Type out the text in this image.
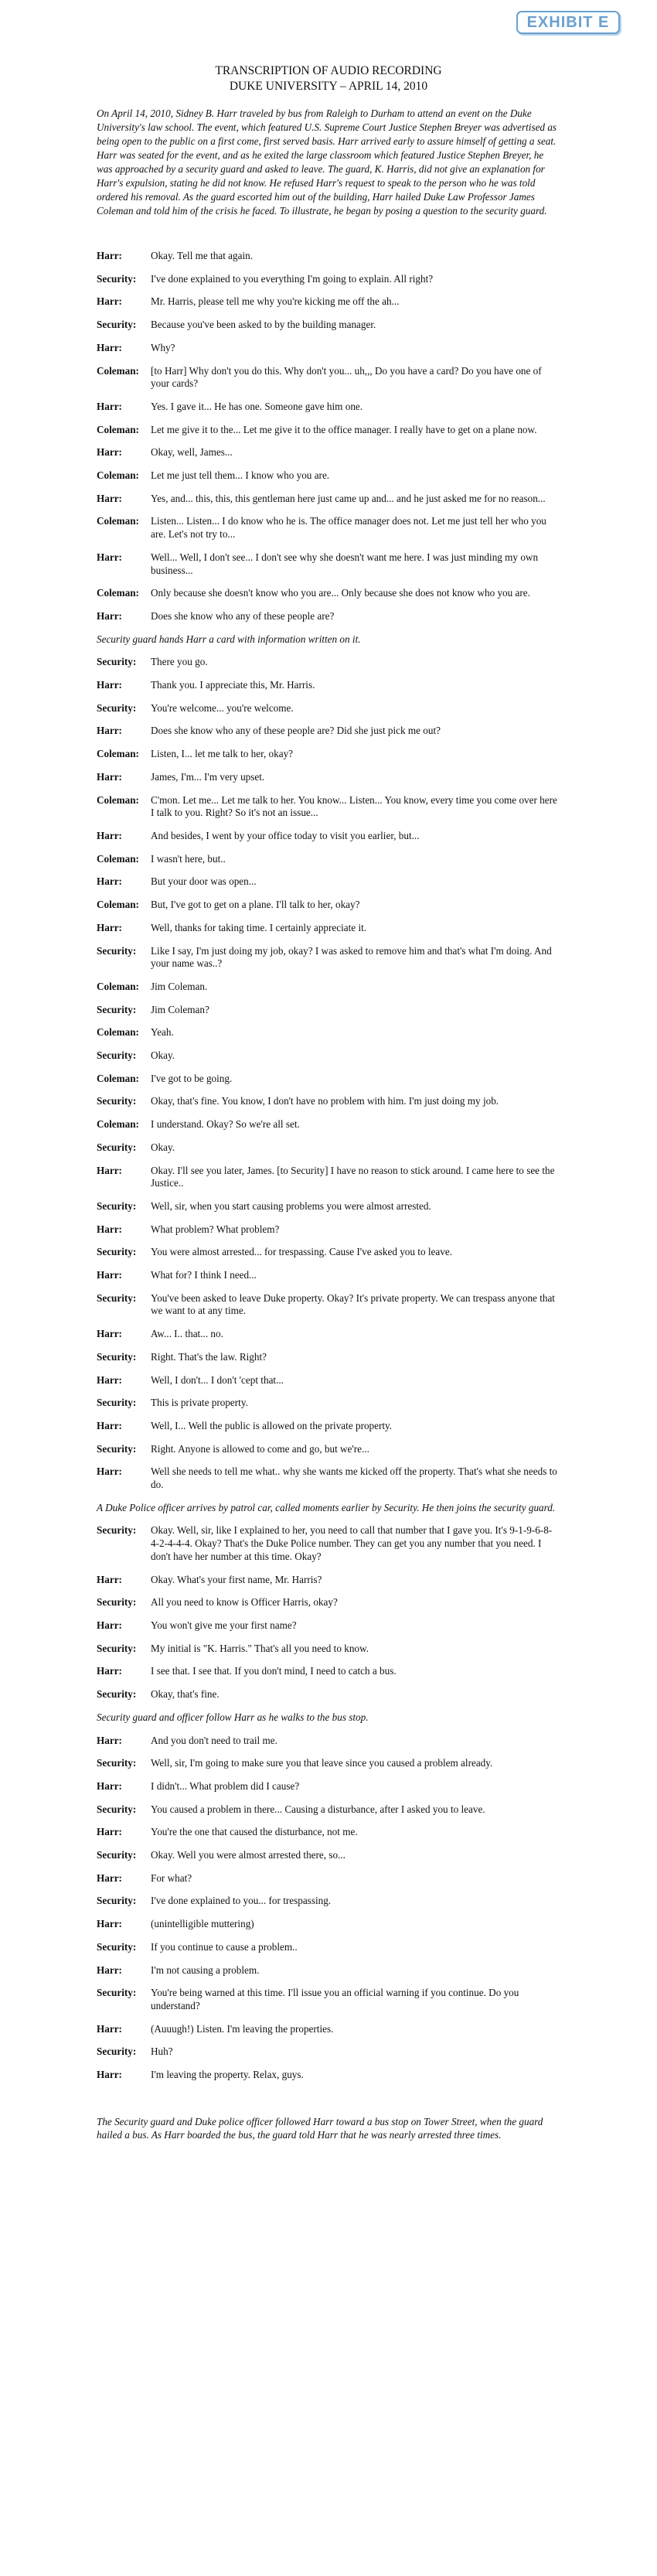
EXHIBIT E
TRANSCRIPTION OF AUDIO RECORDING
DUKE UNIVERSITY – APRIL 14, 2010
On April 14, 2010, Sidney B. Harr traveled by bus from Raleigh to Durham to attend an event on the Duke University's law school. The event, which featured U.S. Supreme Court Justice Stephen Breyer was advertised as being open to the public on a first come, first served basis. Harr arrived early to assure himself of getting a seat. Harr was seated for the event, and as he exited the large classroom which featured Justice Stephen Breyer, he was approached by a security guard and asked to leave. The guard, K. Harris, did not give an explanation for Harr's expulsion, stating he did not know. He refused Harr's request to speak to the person who he was told ordered his removal. As the guard escorted him out of the building, Harr hailed Duke Law Professor James Coleman and told him of the crisis he faced. To illustrate, he began by posing a question to the security guard.
Harr:	Okay. Tell me that again.
Security:	I've done explained to you everything I'm going to explain. All right?
Harr:	Mr. Harris, please tell me why you're kicking me off the ah...
Security:	Because you've been asked to by the building manager.
Harr:	Why?
Coleman:	[to Harr] Why don't you do this. Why don't you... uh,,, Do you have a card? Do you have one of your cards?
Harr:	Yes. I gave it... He has one. Someone gave him one.
Coleman:	Let me give it to the... Let me give it to the office manager. I really have to get on a plane now.
Harr:	Okay, well, James...
Coleman:	Let me just tell them... I know who you are.
Harr:	Yes, and... this, this, this gentleman here just came up and... and he just asked me for no reason...
Coleman:	Listen... Listen... I do know who he is. The office manager does not. Let me just tell her who you are. Let's not try to...
Harr:	Well... Well, I don't see... I don't see why she doesn't want me here. I was just minding my own business...
Coleman:	Only because she doesn't know who you are... Only because she does not know who you are.
Harr:	Does she know who any of these people are?
Security guard hands Harr a card with information written on it.
Security:	There you go.
Harr:	Thank you. I appreciate this, Mr. Harris.
Security:	You're welcome... you're welcome.
Harr:	Does she know who any of these people are? Did she just pick me out?
Coleman:	Listen, I... let me talk to her, okay?
Harr:	James, I'm... I'm very upset.
Coleman:	C'mon. Let me... Let me talk to her. You know... Listen... You know, every time you come over here I talk to you. Right? So it's not an issue...
Harr:	And besides, I went by your office today to visit you earlier, but...
Coleman:	I wasn't here, but..
Harr:	But your door was open...
Coleman:	But, I've got to get on a plane. I'll talk to her, okay?
Harr:	Well, thanks for taking time. I certainly appreciate it.
Security:	Like I say, I'm just doing my job, okay? I was asked to remove him and that's what I'm doing. And your name was..?
Coleman:	Jim Coleman.
Security:	Jim Coleman?
Coleman:	Yeah.
Security:	Okay.
Coleman:	I've got to be going.
Security:	Okay, that's fine. You know, I don't have no problem with him. I'm just doing my job.
Coleman:	I understand. Okay? So we're all set.
Security:	Okay.
Harr:	Okay. I'll see you later, James. [to Security] I have no reason to stick around. I came here to see the Justice..
Security:	Well, sir, when you start causing problems you were almost arrested.
Harr:	What problem? What problem?
Security:	You were almost arrested... for trespassing. Cause I've asked you to leave.
Harr:	What for? I think I need...
Security:	You've been asked to leave Duke property. Okay? It's private property. We can trespass anyone that we want to at any time.
Harr:	Aw... I.. that... no.
Security:	Right. That's the law. Right?
Harr:	Well, I don't... I don't 'cept that...
Security:	This is private property.
Harr:	Well, I... Well the public is allowed on the private property.
Security:	Right. Anyone is allowed to come and go, but we're...
Harr:	Well she needs to tell me what.. why she wants me kicked off the property. That's what she needs to do.
A Duke Police officer arrives by patrol car, called moments earlier by Security. He then joins the security guard.
Security:	Okay. Well, sir, like I explained to her, you need to call that number that I gave you. It's 9-1-9-6-8-4-2-4-4-4. Okay? That's the Duke Police number. They can get you any number that you need. I don't have her number at this time. Okay?
Harr:	Okay. What's your first name, Mr. Harris?
Security:	All you need to know is Officer Harris, okay?
Harr:	You won't give me your first name?
Security:	My initial is "K. Harris." That's all you need to know.
Harr:	I see that. I see that. If you don't mind, I need to catch a bus.
Security:	Okay, that's fine.
Security guard and officer follow Harr as he walks to the bus stop.
Harr:	And you don't need to trail me.
Security:	Well, sir, I'm going to make sure you that leave since you caused a problem already.
Harr:	I didn't... What problem did I cause?
Security:	You caused a problem in there... Causing a disturbance, after I asked you to leave.
Harr:	You're the one that caused the disturbance, not me.
Security:	Okay. Well you were almost arrested there, so...
Harr:	For what?
Security:	I've done explained to you... for trespassing.
Harr:	(unintelligible muttering)
Security:	If you continue to cause a problem..
Harr:	I'm not causing a problem.
Security:	You're being warned at this time. I'll issue you an official warning if you continue. Do you understand?
Harr:	(Auuugh!) Listen. I'm leaving the properties.
Security:	Huh?
Harr:	I'm leaving the property. Relax, guys.
The Security guard and Duke police officer followed Harr toward a bus stop on Tower Street, when the guard hailed a bus. As Harr boarded the bus, the guard told Harr that he was nearly arrested three times.
